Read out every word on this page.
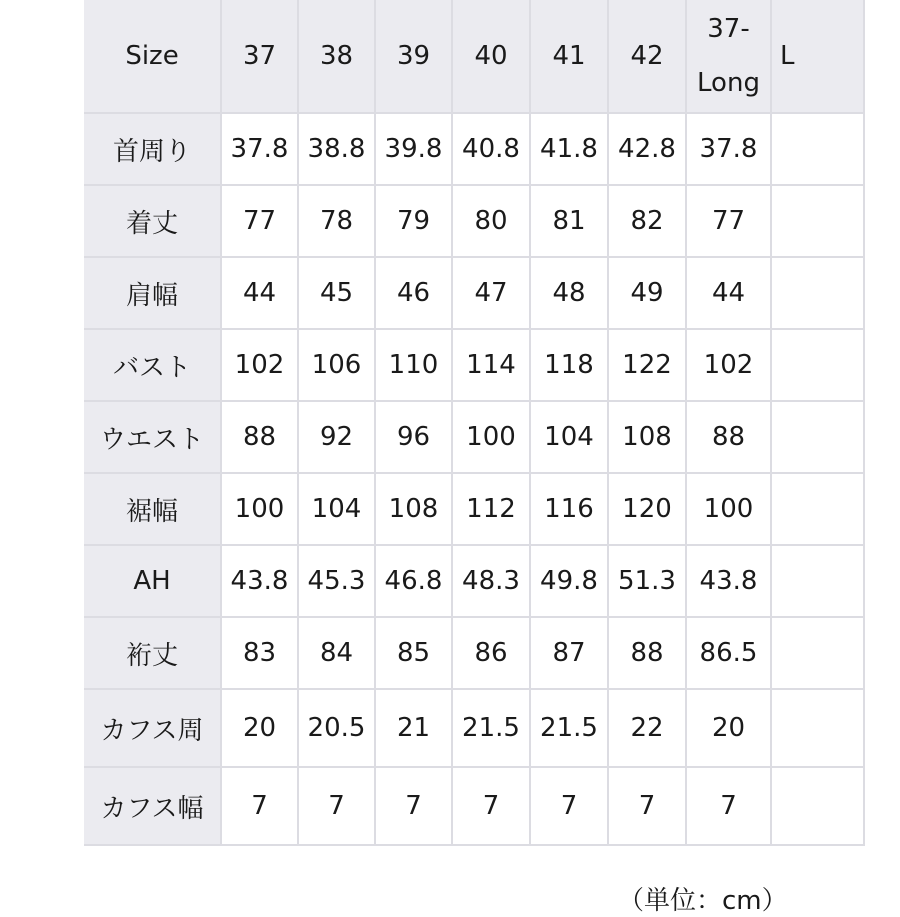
Size	37	38	39	40	41	42	37- Long	L
首周り	37.8	38.8	39.8	40.8	41.8	42.8	37.8	
着丈	77	78	79	80	81	82	77	
肩幅	44	45	46	47	48	49	44	
バスト	102	106	110	114	118	122	102	
ウエスト	88	92	96	100	104	108	88	
裾幅	100	104	108	112	116	120	100	
AH	43.8	45.3	46.8	48.3	49.8	51.3	43.8	
裄丈	83	84	85	86	87	88	86.5	
カフス周	20	20.5	21	21.5	21.5	22	20	
カフス幅	7	7	7	7	7	7	7	
（単位：cm）
